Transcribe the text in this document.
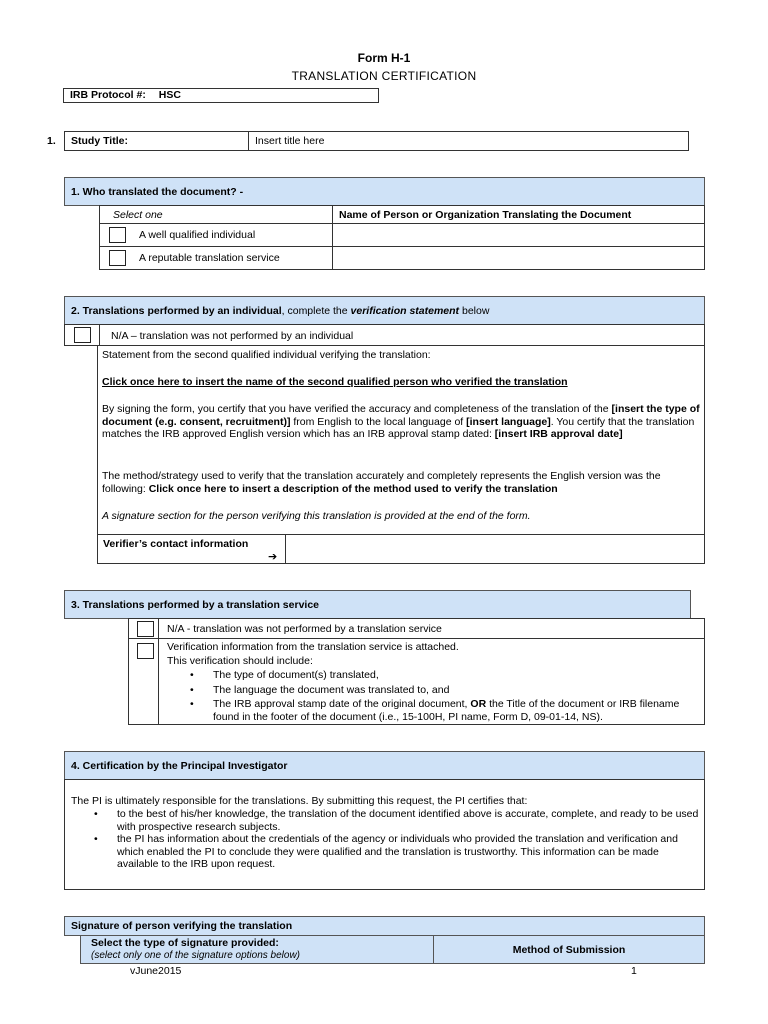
Form H-1
TRANSLATION CERTIFICATION
IRB Protocol #: HSC
1. Study Title:	Insert title here
1. Who translated the document? -
Select one	Name of Person or Organization Translating the Document
A well qualified individual
A reputable translation service
2. Translations performed by an individual, complete the verification statement below
N/A – translation was not performed by an individual
Statement from the second qualified individual verifying the translation:
Click once here to insert the name of the second qualified person who verified the translation

By signing the form, you certify that you have verified the accuracy and completeness of the translation of the [insert the type of document (e.g. consent, recruitment)] from English to the local language of [insert language]. You certify that the translation matches the IRB approved English version which has an IRB approval stamp dated: [insert IRB approval date]

The method/strategy used to verify that the translation accurately and completely represents the English version was the following: Click once here to insert a description of the method used to verify the translation

A signature section for the person verifying this translation is provided at the end of the form.
Verifier’s contact information
➔
3. Translations performed by a translation service
N/A - translation was not performed by a translation service

Verification information from the translation service is attached.

This verification should include:

• The type of document(s) translated,
• The language the document was translated to, and
• The IRB approval stamp date of the original document, OR the Title of the document or IRB filename found in the footer of the document (i.e., 15-100H, PI name, Form D, 09-01-14, NS).
4. Certification by the Principal Investigator

The PI is ultimately responsible for the translations. By submitting this request, the PI certifies that:

• to the best of his/her knowledge, the translation of the document identified above is accurate, complete, and ready to be used with prospective research subjects.
• the PI has information about the credentials of the agency or individuals who provided the translation and verification and which enabled the PI to conclude they were qualified and the translation is trustworthy. This information can be made available to the IRB upon request.
Signature of person verifying the translation
Select the type of signature provided:
(select only one of the signature options below)	Method of Submission
vJune2015	1
